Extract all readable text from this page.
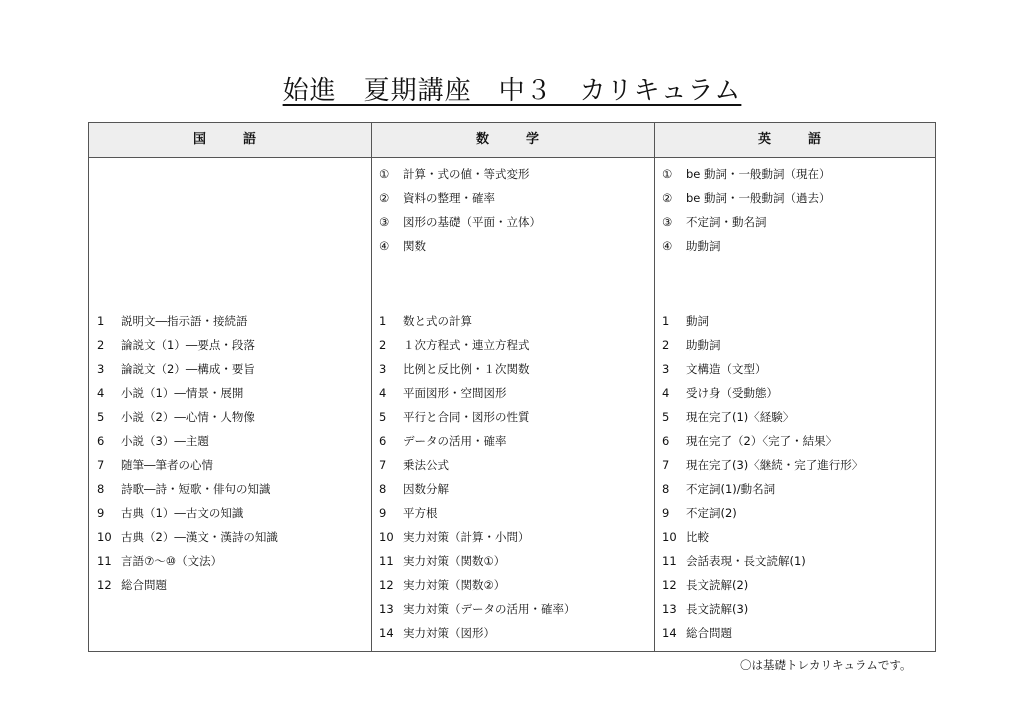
始進　夏期講座　中３　カリキュラム
国　語	数　学	英　語
1 説明文―指示語・接続語
2 論説文（1）―要点・段落
3 論説文（2）―構成・要旨
4 小説（1）―情景・展開
5 小説（2）―心情・人物像
6 小説（3）―主題
7 随筆―筆者の心情
8 詩歌―詩・短歌・俳句の知識
9 古典（1）―古文の知識
10 古典（2）―漢文・漢詩の知識
11 言語⑦～⑩（文法）
12 総合問題
① 計算・式の値・等式変形
② 資料の整理・確率
③ 図形の基礎（平面・立体）
④ 関数
1 数と式の計算
2 １次方程式・連立方程式
3 比例と反比例・１次関数
4 平面図形・空間図形
5 平行と合同・図形の性質
6 データの活用・確率
7 乗法公式
8 因数分解
9 平方根
10 実力対策（計算・小問）
11 実力対策（関数①）
12 実力対策（関数②）
13 実力対策（データの活用・確率）
14 実力対策（図形）
① be 動詞・一般動詞（現在）
② be 動詞・一般動詞（過去）
③ 不定詞・動名詞
④ 助動詞
1 動詞
2 助動詞
3 文構造（文型）
4 受け身（受動態）
5 現在完了(1)〈経験〉
6 現在完了（2）〈完了・結果〉
7 現在完了(3)〈継続・完了進行形〉
8 不定詞(1)/動名詞
9 不定詞(2)
10 比較
11 会話表現・長文読解(1)
12 長文読解(2)
13 長文読解(3)
14 総合問題
〇は基礎トレカリキュラムです。
